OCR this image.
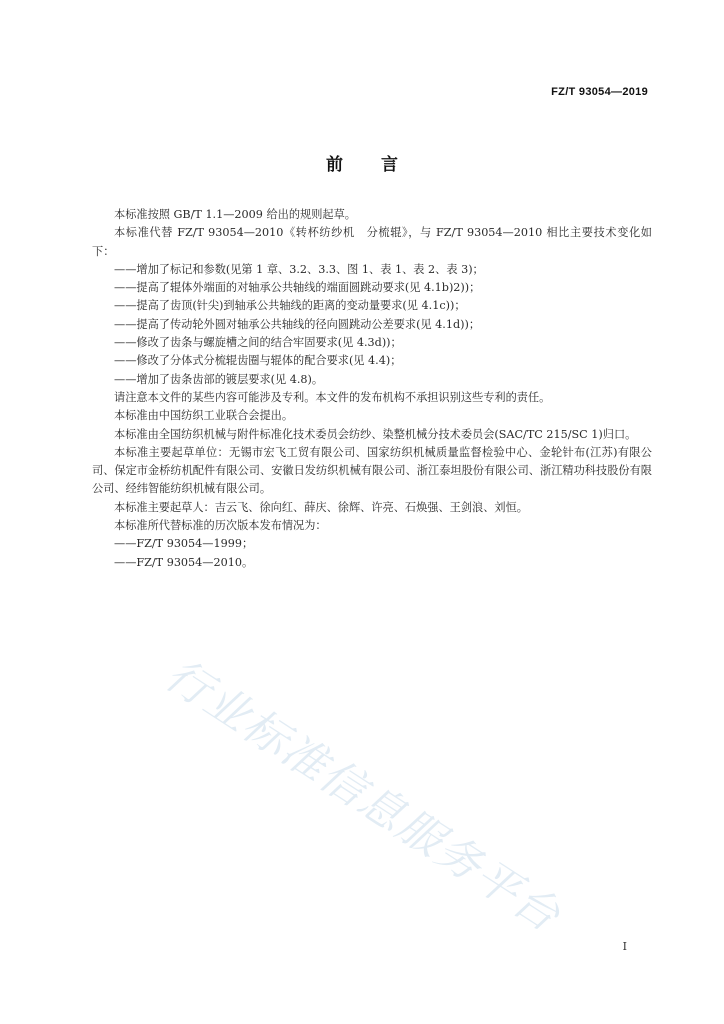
FZ/T 93054—2019
前言

本标准按照 GB/T 1.1—2009 给出的规则起草。

本标准代替 FZ/T 93054—2010《转杯纺纱机　分梳辊》，与 FZ/T 93054—2010 相比主要技术变化如下：

——增加了标记和参数(见第 1 章、3.2、3.3、图 1、表 1、表 2、表 3)；

——提高了辊体外端面的对轴承公共轴线的端面圆跳动要求(见 4.1b)2))；

——提高了齿顶(针尖)到轴承公共轴线的距离的变动量要求(见 4.1c))；

——提高了传动轮外圆对轴承公共轴线的径向圆跳动公差要求(见 4.1d))；

——修改了齿条与螺旋槽之间的结合牢固要求(见 4.3d))；

——修改了分体式分梳辊齿圈与辊体的配合要求(见 4.4)；

——增加了齿条齿部的镀层要求(见 4.8)。

请注意本文件的某些内容可能涉及专利。本文件的发布机构不承担识别这些专利的责任。

本标准由中国纺织工业联合会提出。

本标准由全国纺织机械与附件标准化技术委员会纺纱、染整机械分技术委员会(SAC/TC 215/SC 1)归口。

本标准主要起草单位：无锡市宏飞工贸有限公司、国家纺织机械质量监督检验中心、金轮针布(江苏)有限公司、保定市金桥纺机配件有限公司、安徽日发纺织机械有限公司、浙江泰坦股份有限公司、浙江精功科技股份有限公司、经纬智能纺织机械有限公司。

本标准主要起草人：吉云飞、徐向红、薛庆、徐辉、许亮、石焕强、王剑浪、刘恒。

本标准所代替标准的历次版本发布情况为：

——FZ/T 93054—1999；

——FZ/T 93054—2010。

行业标准信息服务平台
I
